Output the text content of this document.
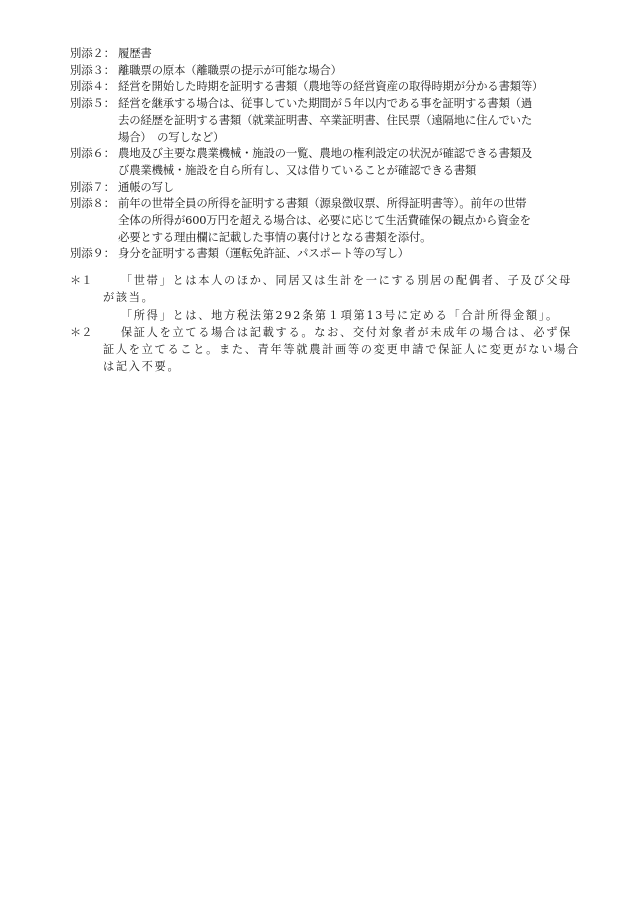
別添２： 履歴書
別添３： 離職票の原本（離職票の提示が可能な場合）
別添４： 経営を開始した時期を証明する書類（農地等の経営資産の取得時期が分かる書類等）
別添５： 経営を継承する場合は、従事していた期間が５年以内である事を証明する書類（過
去の経歴を証明する書類（就業証明書、卒業証明書、住民票（遠隔地に住んでいた
場合）　の写しなど）
別添６： 農地及び主要な農業機械・施設の一覧、農地の権利設定の状況が確認できる書類及
び農業機械・施設を自ら所有し、又は借りていることが確認できる書類
別添７： 通帳の写し
別添８： 前年の世帯全員の所得を証明する書類（源泉徴収票、所得証明書等）。前年の世帯
全体の所得が600万円を超える場合は、必要に応じて生活費確保の観点から資金を
必要とする理由欄に記載した事情の裏付けとなる書類を添付。
別添９： 身分を証明する書類（運転免許証、パスポート等の写し）
＊１	「世帯」とは本人のほか、同居又は生計を一にする別居の配偶者、子及び父母が該当。

「所得」とは、地方税法第292条第１項第13号に定める「合計所得金額」。

＊２	保証人を立てる場合は記載する。なお、交付対象者が未成年の場合は、必ず保証人を立てること。また、青年等就農計画等の変更申請で保証人に変更がない場合は記入不要。
